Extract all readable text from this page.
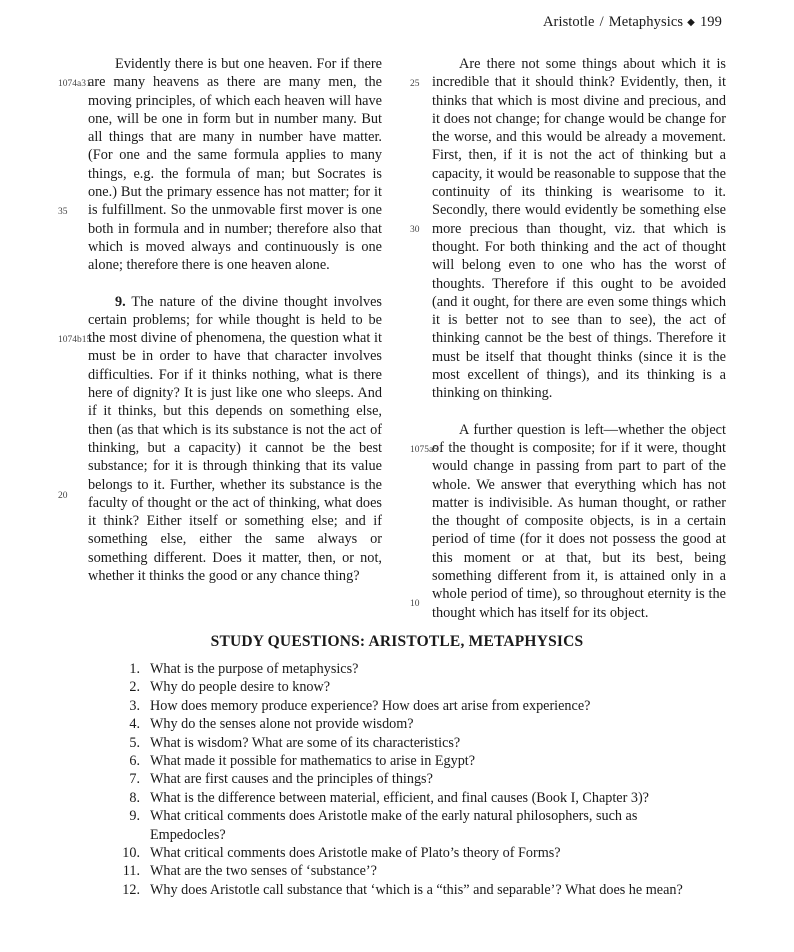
Aristotle / Metaphysics ◆ 199
1074a31
35
1074b15
20

Evidently there is but one heaven. For if there are many heavens as there are many men, the moving principles, of which each heaven will have one, will be one in form but in number many. But all things that are many in number have matter. (For one and the same formula applies to many things, e.g. the formula of man; but Socrates is one.) But the primary essence has not matter; for it is fulfillment. So the unmovable first mover is one both in formula and in number; therefore also that which is moved always and continuously is one alone; therefore there is one heaven alone.

9. The nature of the divine thought involves certain problems; for while thought is held to be the most divine of phenomena, the question what it must be in order to have that character involves difficulties. For if it thinks nothing, what is there here of dignity? It is just like one who sleeps. And if it thinks, but this depends on something else, then (as that which is its substance is not the act of thinking, but a capacity) it cannot be the best substance; for it is through thinking that its value belongs to it. Further, whether its substance is the faculty of thought or the act of thinking, what does it think? Either itself or something else; and if something else, either the same always or something different. Does it matter, then, or not, whether it thinks the good or any chance thing?

25
30
1075a5
10

Are there not some things about which it is incredible that it should think? Evidently, then, it thinks that which is most divine and precious, and it does not change; for change would be change for the worse, and this would be already a movement. First, then, if it is not the act of thinking but a capacity, it would be reasonable to suppose that the continuity of its thinking is wearisome to it. Secondly, there would evidently be something else more precious than thought, viz. that which is thought. For both thinking and the act of thought will belong even to one who has the worst of thoughts. Therefore if this ought to be avoided (and it ought, for there are even some things which it is better not to see than to see), the act of thinking cannot be the best of things. Therefore it must be itself that thought thinks (since it is the most excellent of things), and its thinking is a thinking on thinking.

A further question is left—whether the object of the thought is composite; for if it were, thought would change in passing from part to part of the whole. We answer that everything which has not matter is indivisible. As human thought, or rather the thought of composite objects, is in a certain period of time (for it does not possess the good at this moment or at that, but its best, being something different from it, is attained only in a whole period of time), so throughout eternity is the thought which has itself for its object.

STUDY QUESTIONS: ARISTOTLE, METAPHYSICS
1. What is the purpose of metaphysics?
2. Why do people desire to know?
3. How does memory produce experience? How does art arise from experience?
4. Why do the senses alone not provide wisdom?
5. What is wisdom? What are some of its characteristics?
6. What made it possible for mathematics to arise in Egypt?
7. What are first causes and the principles of things?
8. What is the difference between material, efficient, and final causes (Book I, Chapter 3)?
9. What critical comments does Aristotle make of the early natural philosophers, such as Empedocles?
10. What critical comments does Aristotle make of Plato’s theory of Forms?
11. What are the two senses of ‘substance’?
12. Why does Aristotle call substance that ‘which is a “this” and separable’? What does he mean?
